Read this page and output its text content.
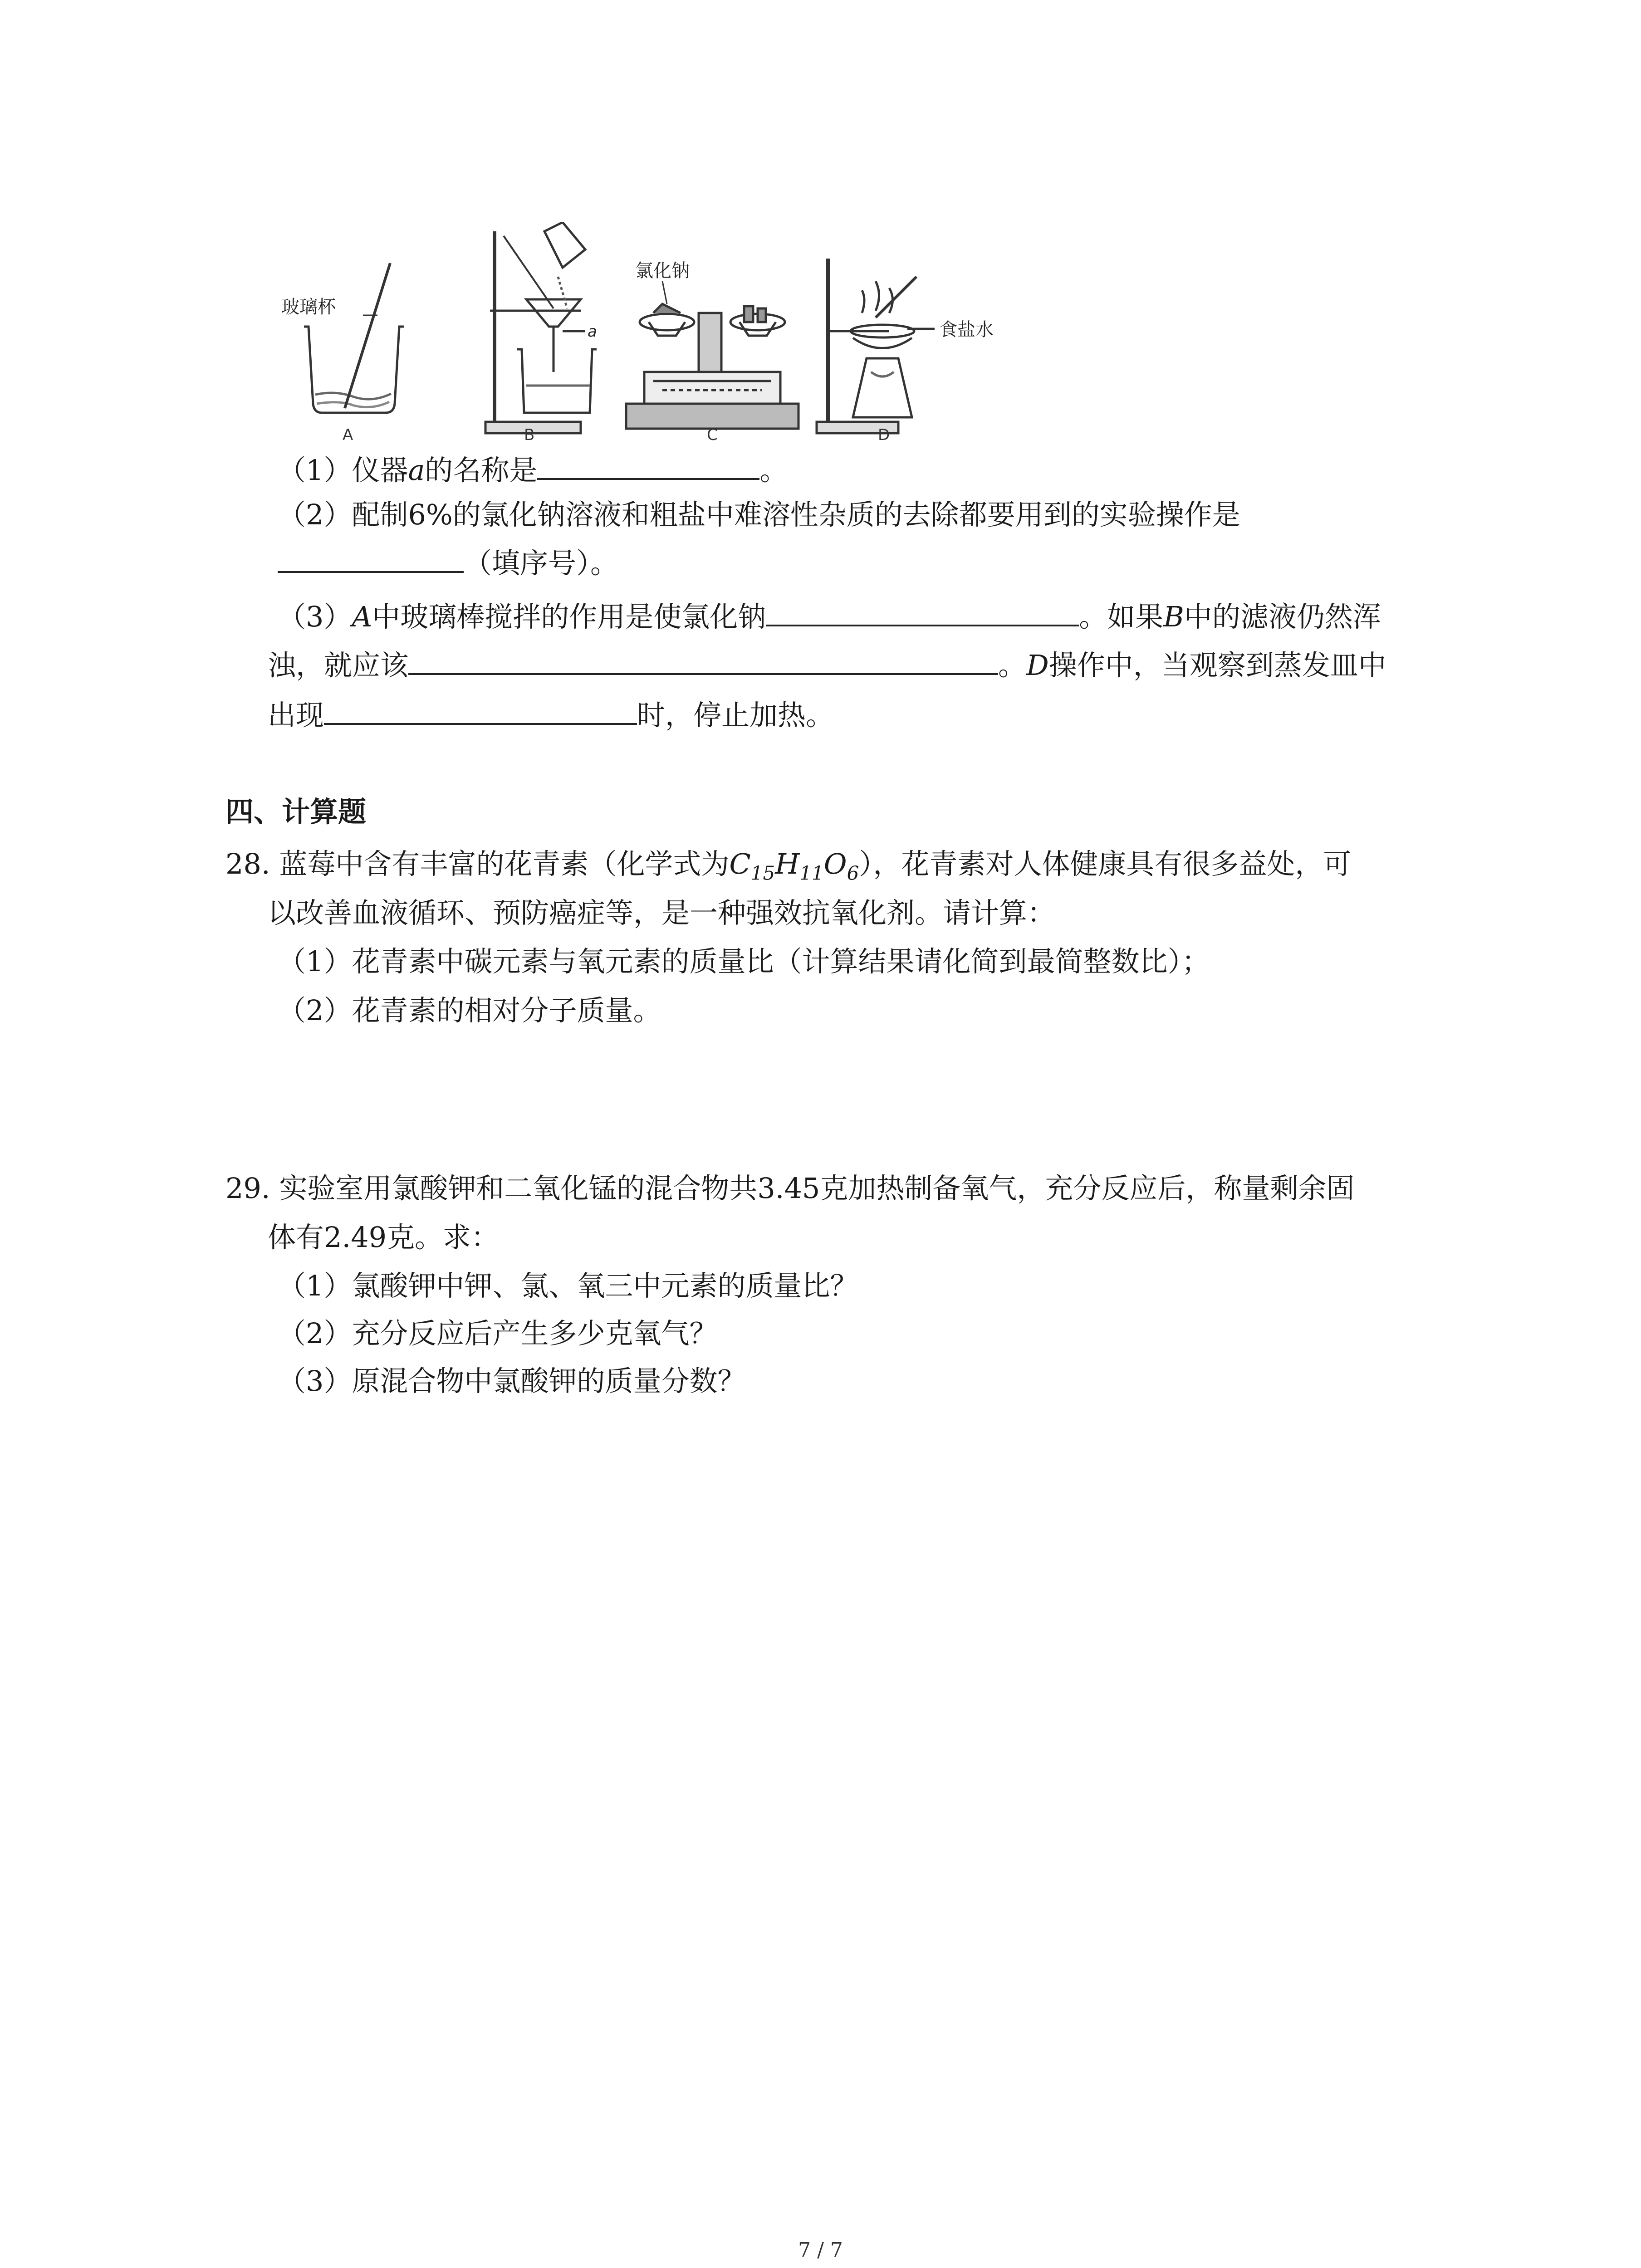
玻璃杯
A
a
B
氯化钠
C
食盐水
D
（1）仪器a的名称是	。
（2）配制6%的氯化钠溶液和粗盐中难溶性杂质的去除都要用到的实验操作是
（填序号）。
（3）A中玻璃棒搅拌的作用是使氯化钠	。如果B中的滤液仍然浑
浊，就应该	。D操作中，当观察到蒸发皿中
出现	时，停止加热。
四、计算题
28. 蓝莓中含有丰富的花青素（化学式为$C_{15}H_{11}O_6$），花青素对人体健康具有很多益处，可
以改善血液循环、预防癌症等，是一种强效抗氧化剂。请计算：
（1）花青素中碳元素与氧元素的质量比（计算结果请化简到最简整数比）；
（2）花青素的相对分子质量。
29. 实验室用氯酸钾和二氧化锰的混合物共3.45克加热制备氧气，充分反应后，称量剩余固
体有2.49克。求：
（1）氯酸钾中钾、氯、氧三中元素的质量比？
（2）充分反应后产生多少克氧气？
（3）原混合物中氯酸钾的质量分数？
7 / 7
